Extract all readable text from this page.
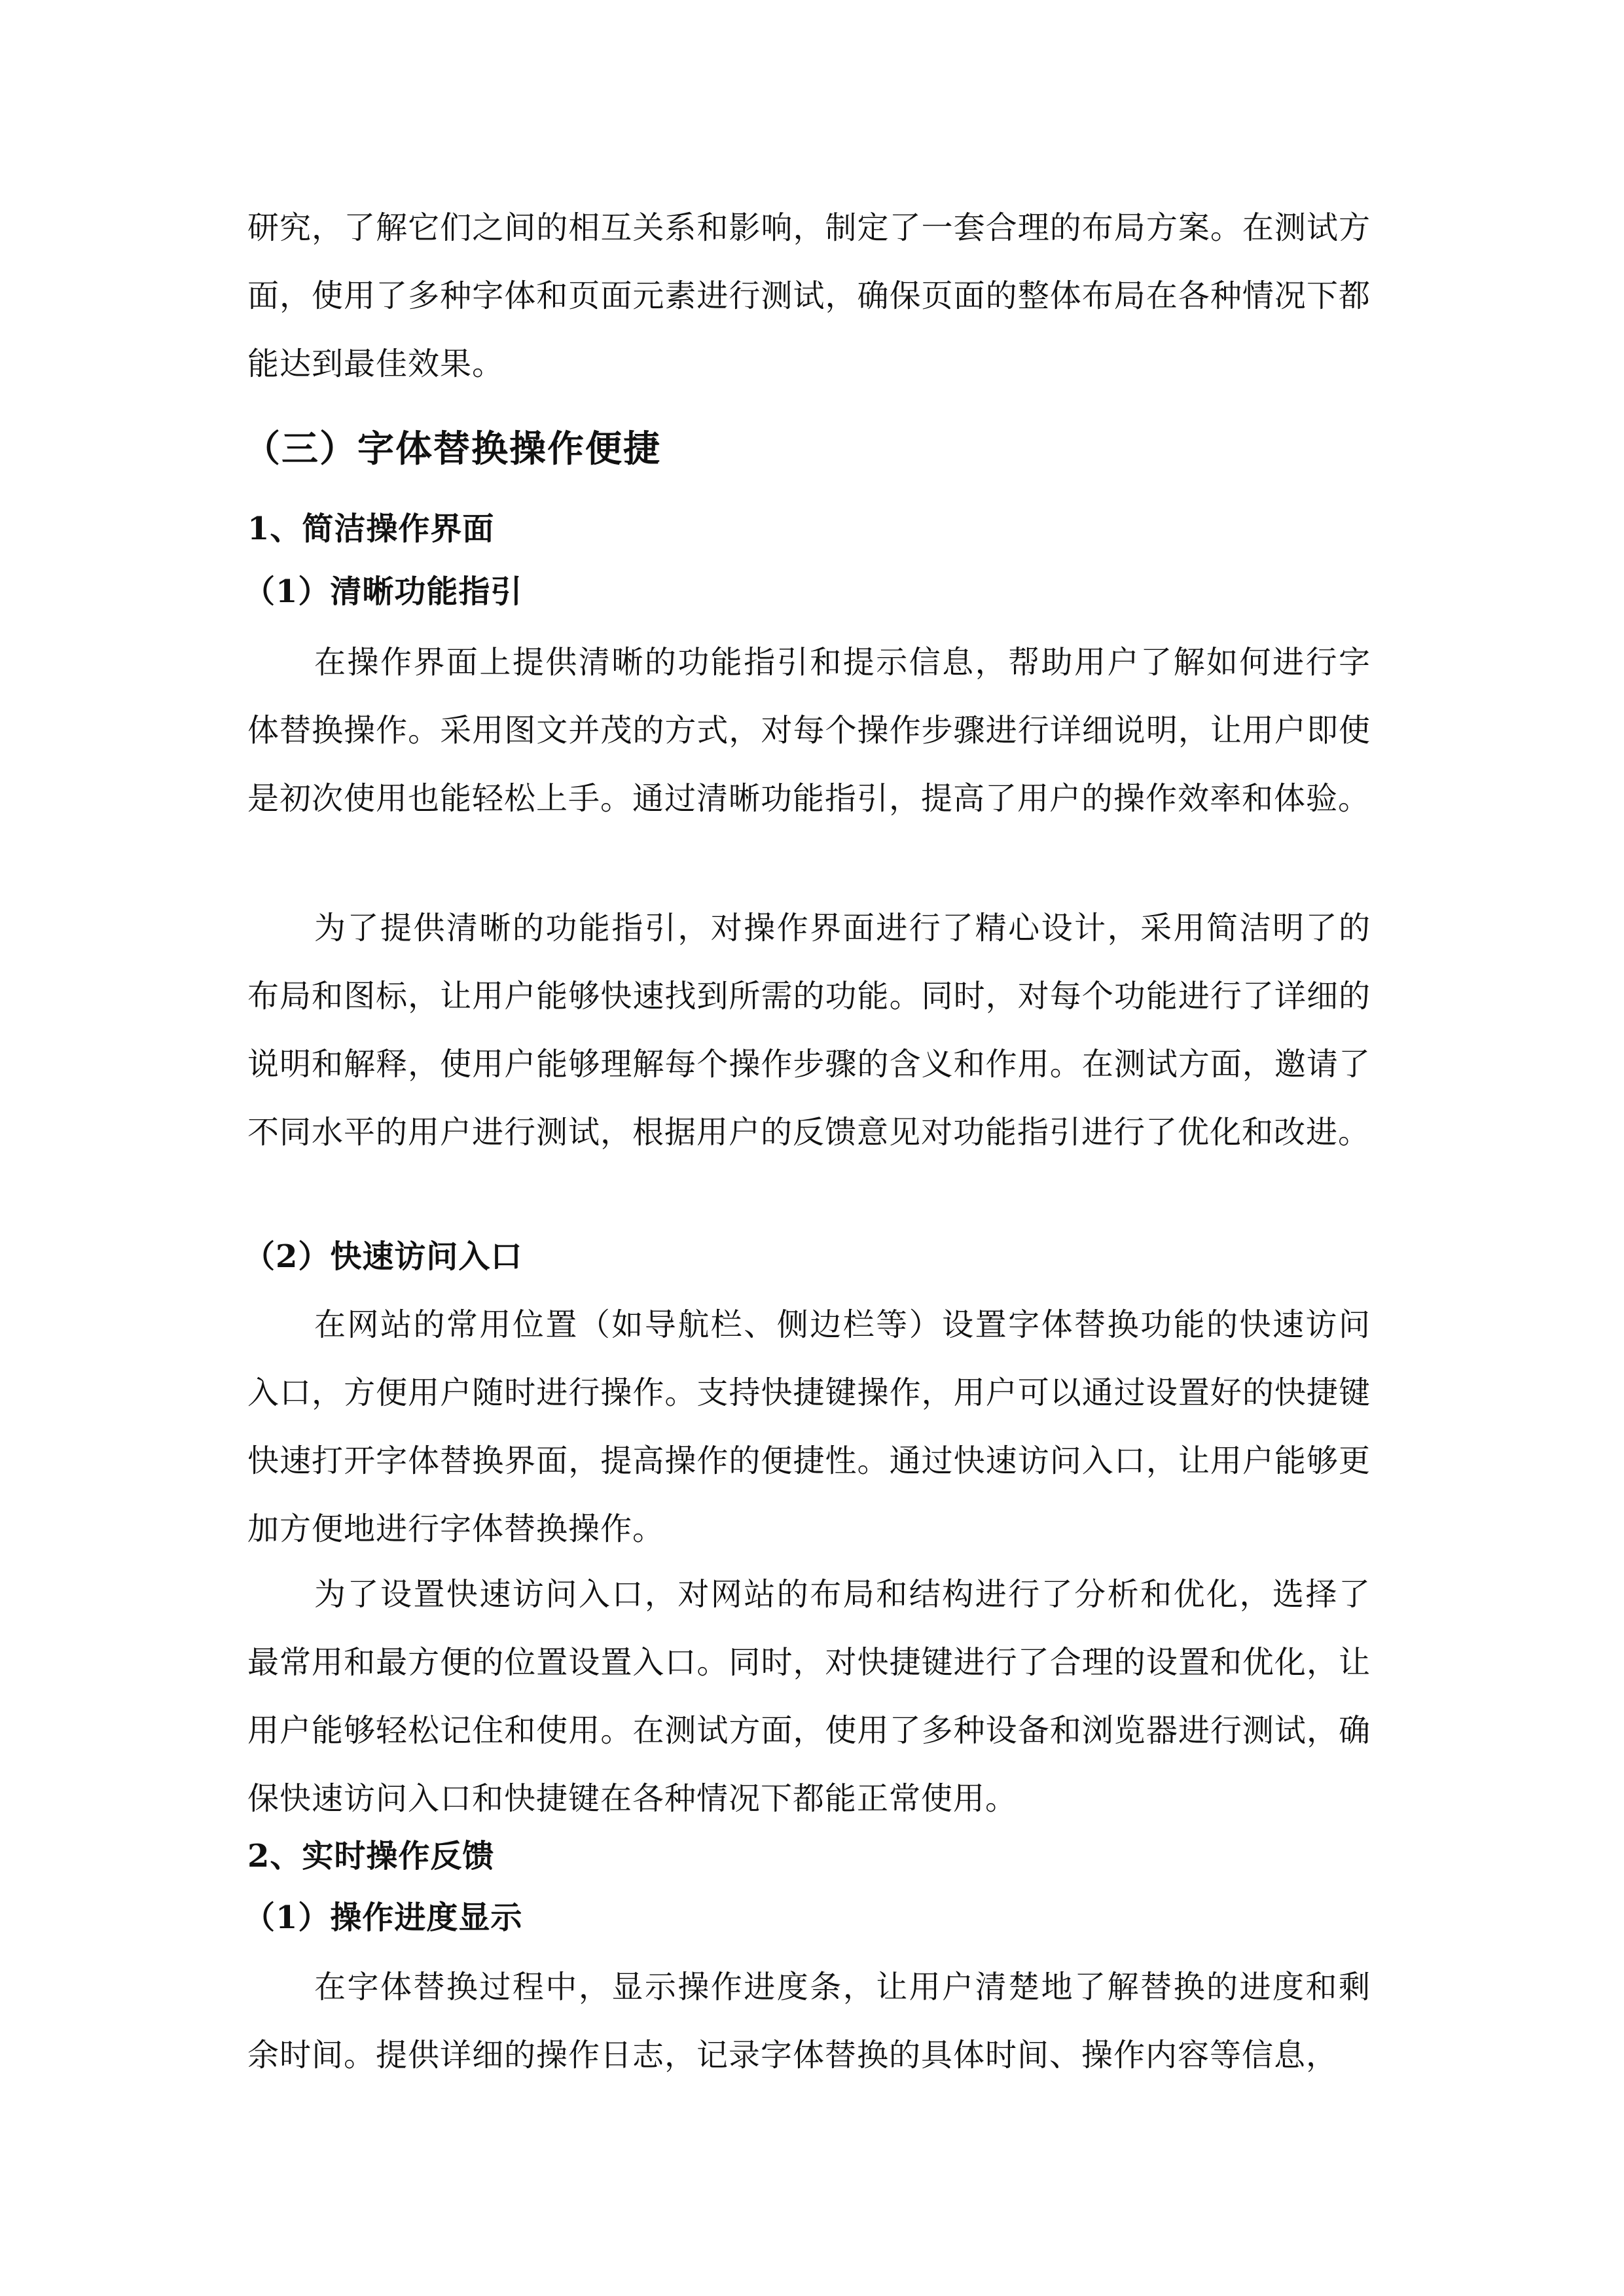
研究，了解它们之间的相互关系和影响，制定了一套合理的布局方案。在测试方面，使用了多种字体和页面元素进行测试，确保页面的整体布局在各种情况下都能达到最佳效果。

（三）字体替换操作便捷
1、简洁操作界面
（1）清晰功能指引

在操作界面上提供清晰的功能指引和提示信息，帮助用户了解如何进行字体替换操作。采用图文并茂的方式，对每个操作步骤进行详细说明，让用户即使是初次使用也能轻松上手。通过清晰功能指引，提高了用户的操作效率和体验。

为了提供清晰的功能指引，对操作界面进行了精心设计，采用简洁明了的布局和图标，让用户能够快速找到所需的功能。同时，对每个功能进行了详细的说明和解释，使用户能够理解每个操作步骤的含义和作用。在测试方面，邀请了不同水平的用户进行测试，根据用户的反馈意见对功能指引进行了优化和改进。

（2）快速访问入口

在网站的常用位置（如导航栏、侧边栏等）设置字体替换功能的快速访问入口，方便用户随时进行操作。支持快捷键操作，用户可以通过设置好的快捷键快速打开字体替换界面，提高操作的便捷性。通过快速访问入口，让用户能够更加方便地进行字体替换操作。

为了设置快速访问入口，对网站的布局和结构进行了分析和优化，选择了最常用和最方便的位置设置入口。同时，对快捷键进行了合理的设置和优化，让用户能够轻松记住和使用。在测试方面，使用了多种设备和浏览器进行测试，确保快速访问入口和快捷键在各种情况下都能正常使用。

2、实时操作反馈
（1）操作进度显示

在字体替换过程中，显示操作进度条，让用户清楚地了解替换的进度和剩余时间。提供详细的操作日志，记录字体替换的具体时间、操作内容等信息，
